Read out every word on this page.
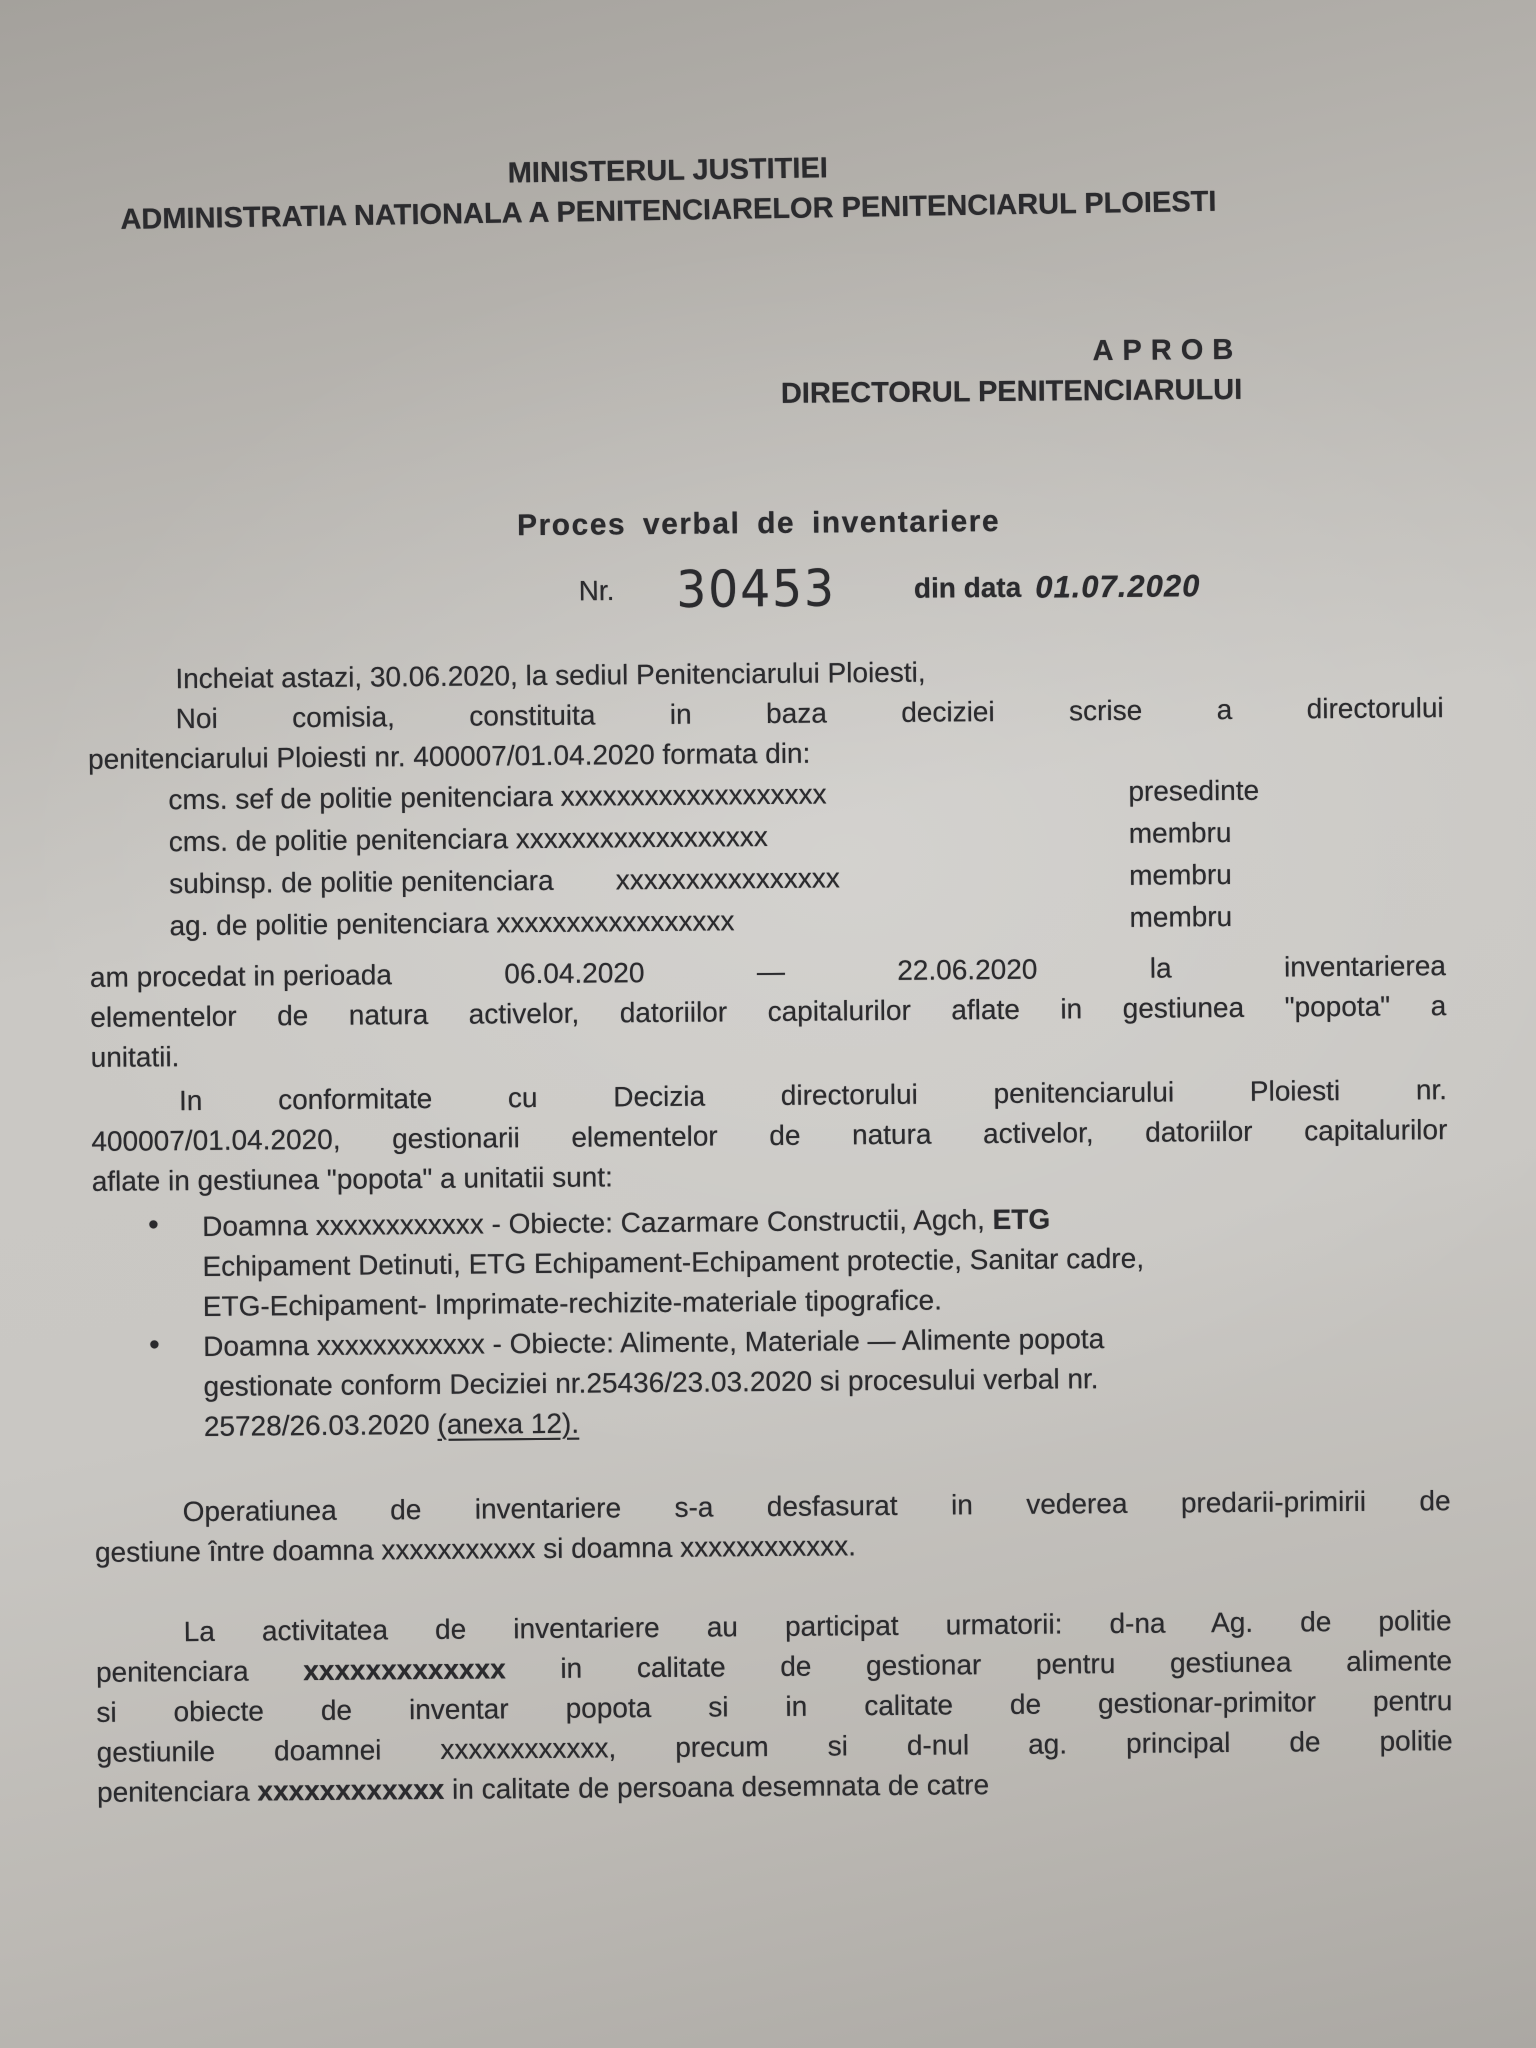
MINISTERUL JUSTITIEI
ADMINISTRATIA NATIONALA A PENITENCIARELOR PENITENCIARUL PLOIESTI
APROB
DIRECTORUL PENITENCIARULUI
Proces verbal de inventariere
Nr. 30453	din data 01.07.2020
Incheiat astazi, 30.06.2020, la sediul Penitenciarului Ploiesti,
Noi comisia, constituita in baza deciziei scrise a directorului
penitenciarului Ploiesti nr. 400007/01.04.2020 formata din:
cms. sef de politie penitenciara xxxxxxxxxxxxxxxxxxx	presedinte
cms. de politie penitenciara xxxxxxxxxxxxxxxxxx	membru
subinsp. de politie penitenciara        xxxxxxxxxxxxxxxx	membru
ag. de politie penitenciara xxxxxxxxxxxxxxxxx	membru
am procedat in perioada	06.04.2020	—	22.06.2020	la	inventarierea
elementelor de natura activelor, datoriilor capitalurilor aflate in gestiunea "popota" a
unitatii.
In conformitate cu Decizia directorului penitenciarului Ploiesti nr.
400007/01.04.2020, gestionarii elementelor de natura activelor, datoriilor capitalurilor
aflate in gestiunea "popota" a unitatii sunt:
• Doamna xxxxxxxxxxxx - Obiecte: Cazarmare Constructii, Agch, ETG
Echipament Detinuti, ETG Echipament-Echipament protectie, Sanitar cadre,
ETG-Echipament- Imprimate-rechizite-materiale tipografice.
• Doamna xxxxxxxxxxxx - Obiecte: Alimente, Materiale — Alimente popota
gestionate conform Deciziei nr.25436/23.03.2020 si procesului verbal nr.
25728/26.03.2020 (anexa 12).
Operatiunea de inventariere s-a desfasurat in vederea predarii-primirii de
gestiune între doamna xxxxxxxxxxx si doamna xxxxxxxxxxxx.
La activitatea de inventariere au participat urmatorii: d-na Ag. de politie
penitenciara xxxxxxxxxxxxx in calitate de gestionar pentru gestiunea alimente
si obiecte de inventar popota si in calitate de gestionar-primitor pentru
gestiunile doamnei xxxxxxxxxxxx, precum si d-nul ag. principal de politie
penitenciara xxxxxxxxxxxx in calitate de persoana desemnata de catre
